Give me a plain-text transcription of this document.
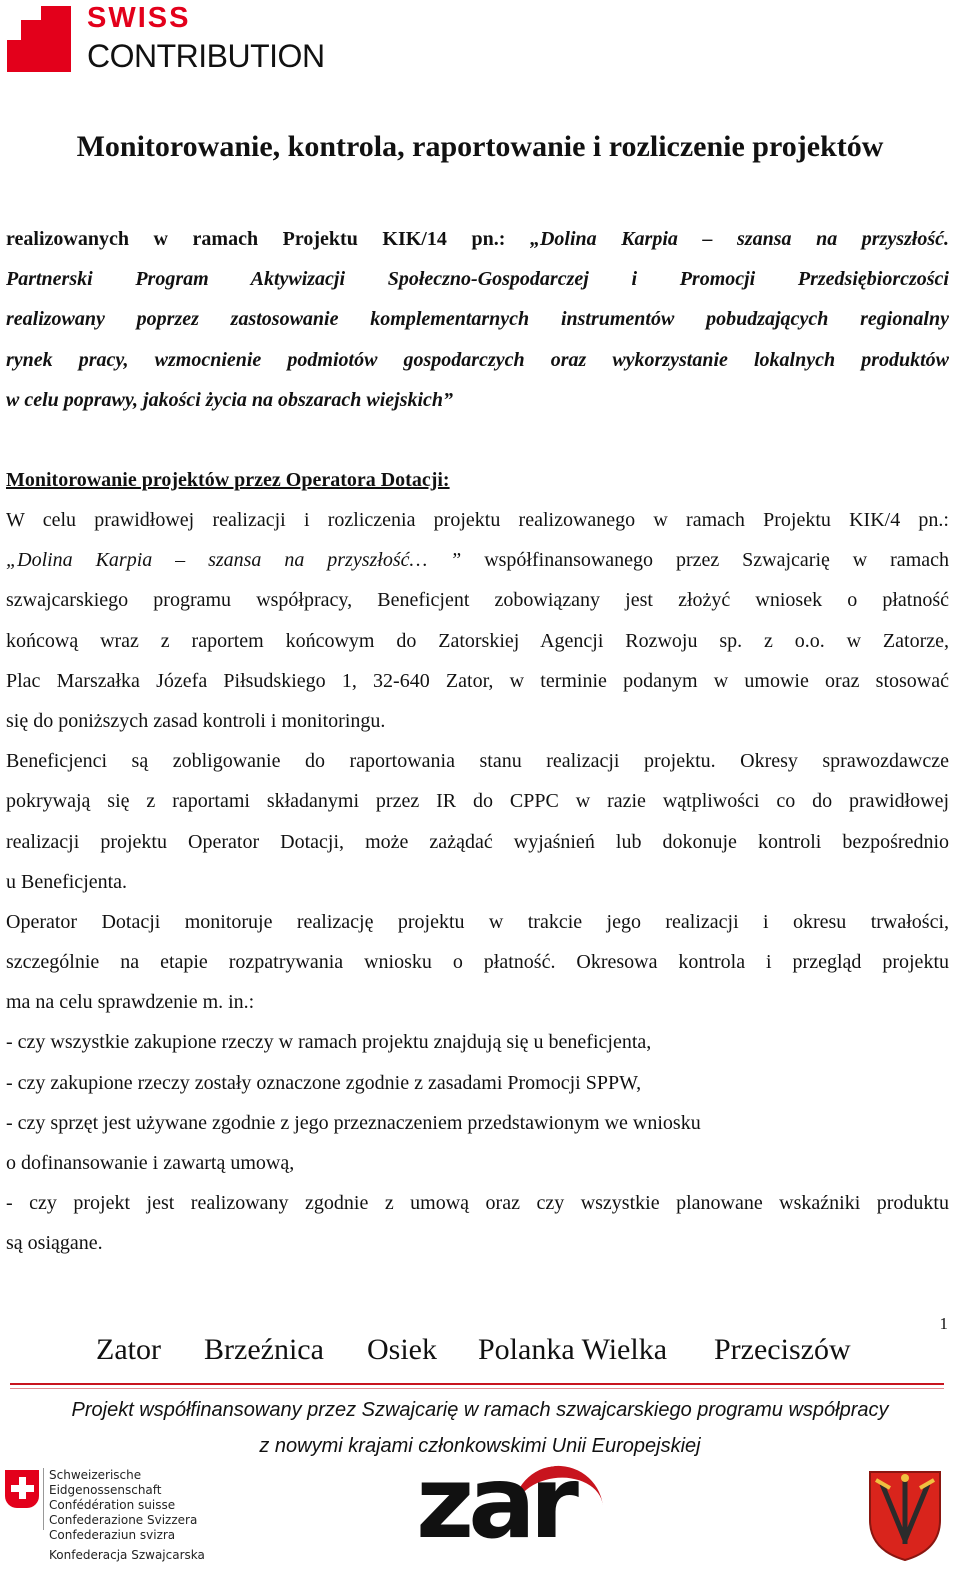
SWISS
CONTRIBUTION
Monitorowanie, kontrola, raportowanie i rozliczenie projektów
realizowanych w ramach Projektu KIK/14 pn.: „Dolina Karpia – szansa na przyszłość.
Partnerski Program Aktywizacji Społeczno-Gospodarczej i Promocji Przedsiębiorczości
realizowany poprzez zastosowanie komplementarnych instrumentów pobudzających regionalny
rynek pracy, wzmocnienie podmiotów gospodarczych oraz wykorzystanie lokalnych produktów
w celu poprawy, jakości życia na obszarach wiejskich”
Monitorowanie projektów przez Operatora Dotacji:
W celu prawidłowej realizacji i rozliczenia projektu realizowanego w ramach Projektu KIK/4 pn.:
„Dolina Karpia – szansa na przyszłość… ” współfinansowanego przez Szwajcarię w ramach
szwajcarskiego programu współpracy, Beneficjent zobowiązany jest złożyć wniosek o płatność
końcową wraz z raportem końcowym do Zatorskiej Agencji Rozwoju sp. z o.o. w Zatorze,
Plac Marszałka Józefa Piłsudskiego 1, 32-640 Zator, w terminie podanym w umowie oraz stosować
się do poniższych zasad kontroli i monitoringu.
Beneficjenci są zobligowanie do raportowania stanu realizacji projektu. Okresy sprawozdawcze
pokrywają się z raportami składanymi przez IR do CPPC w razie wątpliwości co do prawidłowej
realizacji projektu Operator Dotacji, może zażądać wyjaśnień lub dokonuje kontroli bezpośrednio
u Beneficjenta.
Operator Dotacji monitoruje realizację projektu w trakcie jego realizacji i okresu trwałości,
szczególnie na etapie rozpatrywania wniosku o płatność. Okresowa kontrola i przegląd projektu
ma na celu sprawdzenie m. in.:
- czy wszystkie zakupione rzeczy w ramach projektu znajdują się u beneficjenta,
- czy zakupione rzeczy zostały oznaczone zgodnie z zasadami Promocji SPPW,
- czy sprzęt jest używane zgodnie z jego przeznaczeniem przedstawionym we wniosku
o dofinansowanie i zawartą umową,
- czy projekt jest realizowany zgodnie z umową oraz czy wszystkie planowane wskaźniki produktu
są osiągane.
1
Zator Brzeźnica Osiek Polanka Wielka Przeciszów
Projekt współfinansowany przez Szwajcarię w ramach szwajcarskiego programu współpracy
z nowymi krajami członkowskimi Unii Europejskiej
Schweizerische Eidgenossenschaft
Confédération suisse
Confederazione Svizzera
Confederaziun svizra
Konfederacja Szwajcarska zar
